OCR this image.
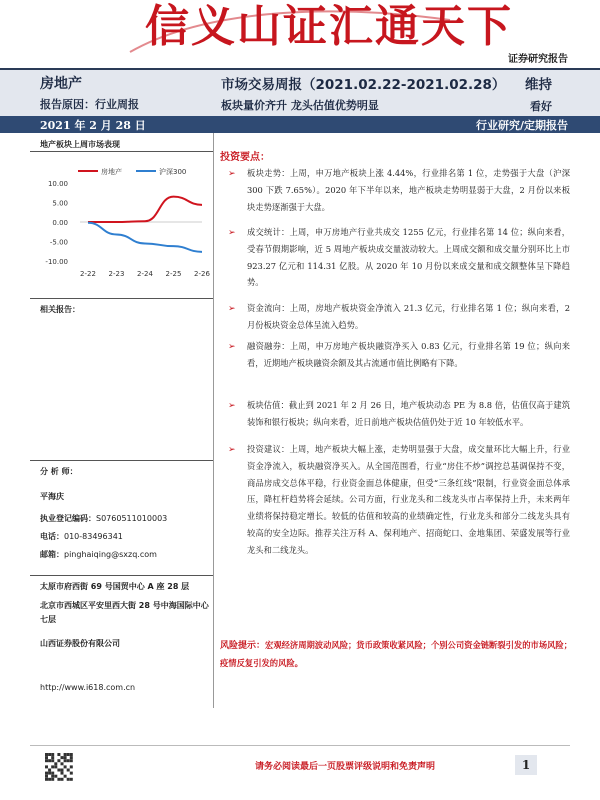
信义山证汇通天下
证券研究报告
房地产
报告原因：行业周报
市场交易周报（2021.02.22-2021.02.28）
板块量价齐升 龙头估值优势明显
维持
看好
2021 年 2 月 28 日	行业研究/定期报告
地产板块上周市场表现
房地产	沪深300
10.00
5.00
0.00
-5.00
-10.00
2-22 2-23 2-24 2-25 2-26
相关报告：
分 析 师：
平海庆
执业登记编码：S0760511010003
电话：010-83496341
邮箱：pinghaiqing@sxzq.com
太原市府西街 69 号国贸中心 A 座 28 层
北京市西城区平安里西大街 28 号中海国际中心七层
山西证券股份有限公司
http://www.i618.com.cn
投资要点：
➢ 板块走势：上周，申万地产板块上涨 4.44%，行业排名第 1 位，走势强于大盘（沪深 300 下跌 7.65%）。2020 年下半年以来，地产板块走势明显弱于大盘，2 月份以来板块走势逐渐强于大盘。
➢ 成交统计：上周，申万房地产行业共成交 1255 亿元，行业排名第 14 位；纵向来看，受春节假期影响，近 5 周地产板块成交量波动较大。上周成交额和成交量分别环比上市 923.27 亿元和 114.31 亿股。从 2020 年 10 月份以来成交量和成交额整体呈下降趋势。
➢ 资金流向：上周，房地产板块资金净流入 21.3 亿元，行业排名第 1 位；纵向来看，2 月份板块资金总体呈流入趋势。
➢ 融资融券：上周，申万房地产板块融资净买入 0.83 亿元，行业排名第 19 位；纵向来看，近期地产板块融资余额及其占流通市值比例略有下降。
➢ 板块估值：截止到 2021 年 2 月 26 日，地产板块动态 PE 为 8.8 倍，估值仅高于建筑装饰和银行板块；纵向来看，近日前地产板块估值仍处于近 10 年较低水平。
➢ 投资建议：上周，地产板块大幅上涨，走势明显强于大盘，成交量环比大幅上升，行业资金净流入，板块融资净买入。从全国范围看，行业“房住不炒”调控总基调保持不变，商品房成交总体平稳，行业资金面总体健康，但受“三条红线”限制，行业资金面总体承压，降杠杆趋势将会延续。公司方面，行业龙头和二线龙头市占率保持上升，未来两年业绩将保持稳定增长。较低的估值和较高的业绩确定性，行业龙头和部分二线龙头具有较高的安全边际。推荐关注万科 A、保利地产、招商蛇口、金地集团、荣盛发展等行业龙头和二线龙头。
风险提示：宏观经济周期波动风险；货币政策收紧风险；个别公司资金链断裂引发的市场风险；疫情反复引发的风险。
请务必阅读最后一页股票评级说明和免责声明	1
